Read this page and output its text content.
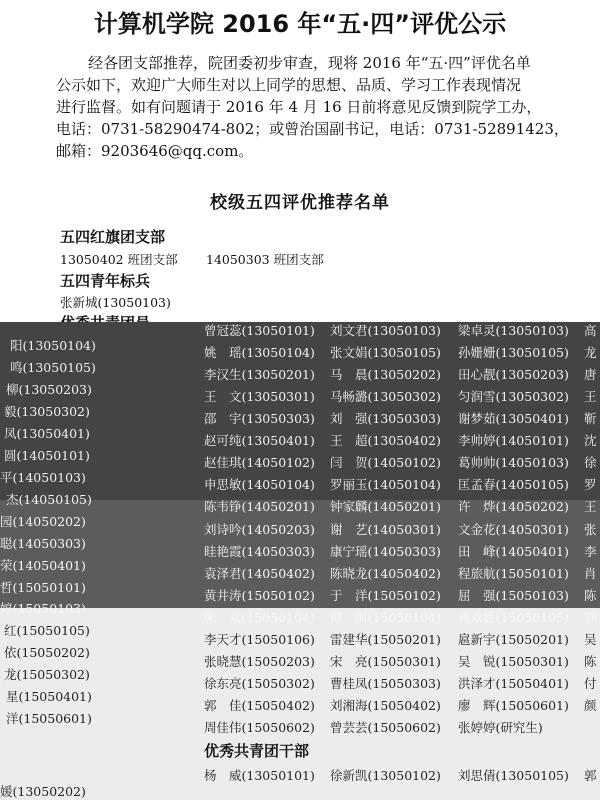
计算机学院 2016 年“五·四”评优公示

经各团支部推荐，院团委初步审查，现将 2016 年“五·四”评优名单

公示如下，欢迎广大师生对以上同学的思想、品质、学习工作表现情况

进行监督。如有问题请于 2016 年 4 月 16 日前将意见反馈到院学工办，

电话：0731-58290474-802；或曾治国副书记，电话：0731-52891423，

邮箱：9203646@qq.com。

校级五四评优推荐名单
五四红旗团支部
13050402 班团支部 14050303 班团支部
五四青年标兵
张新城(13050103)
曾冠蕊(13050101) 刘文君(13050103) 梁卓灵(13050103) 高
姚　瑶(13050104) 张文娟(13050105) 孙姗姗(13050105) 龙
李汉生(13050201) 马　晨(13050202) 田心靓(13050203) 唐
王　文(13050301) 马畅潞(13050302) 匀润雪(13050302) 王
邵　宇(13050303) 刘　强(13050303) 谢梦茹(13050401) 靳
赵可纯(13050401) 王　超(13050402) 李帅婷(14050101) 沈
赵佳琪(14050102) 闫　贺(14050102) 葛帅帅(14050103) 徐
申思敏(14050104) 罗丽玉(14050104) 匡孟春(14050105) 罗
陈韦铮(14050201) 钟家麟(14050201) 许　烨(14050202) 王
刘诗吟(14050203) 谢　艺(14050301) 文金花(14050301) 张
眭艳霞(14050303) 康宁瑶(14050303) 田　峰(14050401) 李
袁泽君(14050402) 陈晓龙(14050402) 程旅航(15050101) 肖
黄井涛(15050102) 于　洋(15050102) 屈　强(15050103) 陈
张　欢(15050104) 谭　丽(15050104) 杨欢娇(15050105) 陈
李天才(15050106) 雷建华(15050201) 扈新宇(15050201) 吴
张晓慧(15050203) 宋　亮(15050301) 吴　锐(15050301) 陈
徐东亮(15050302) 曹桂凤(15050303) 洪泽才(15050401) 付
郭　佳(15050402) 刘湘海(15050402) 廖　辉(15050601) 颜
周佳伟(15050602) 曾芸芸(15050602) 张婷婷(研究生)
阳(13050104)
鸣(13050105)
柳(13050203)
毅(13050302)
凤(13050401)
圆(14050101)
平(14050103)
杰(14050105)
园(14050202)
聪(14050303)
荣(14050401)
哲(15050101)
婷(15050103)
红(15050105)
依(15050202)
龙(15050302)
星(15050401)
洋(15050601)
优秀共青团干部
杨　威(13050101) 徐新凯(13050102) 刘思倩(13050105) 郭
媛(13050202)
